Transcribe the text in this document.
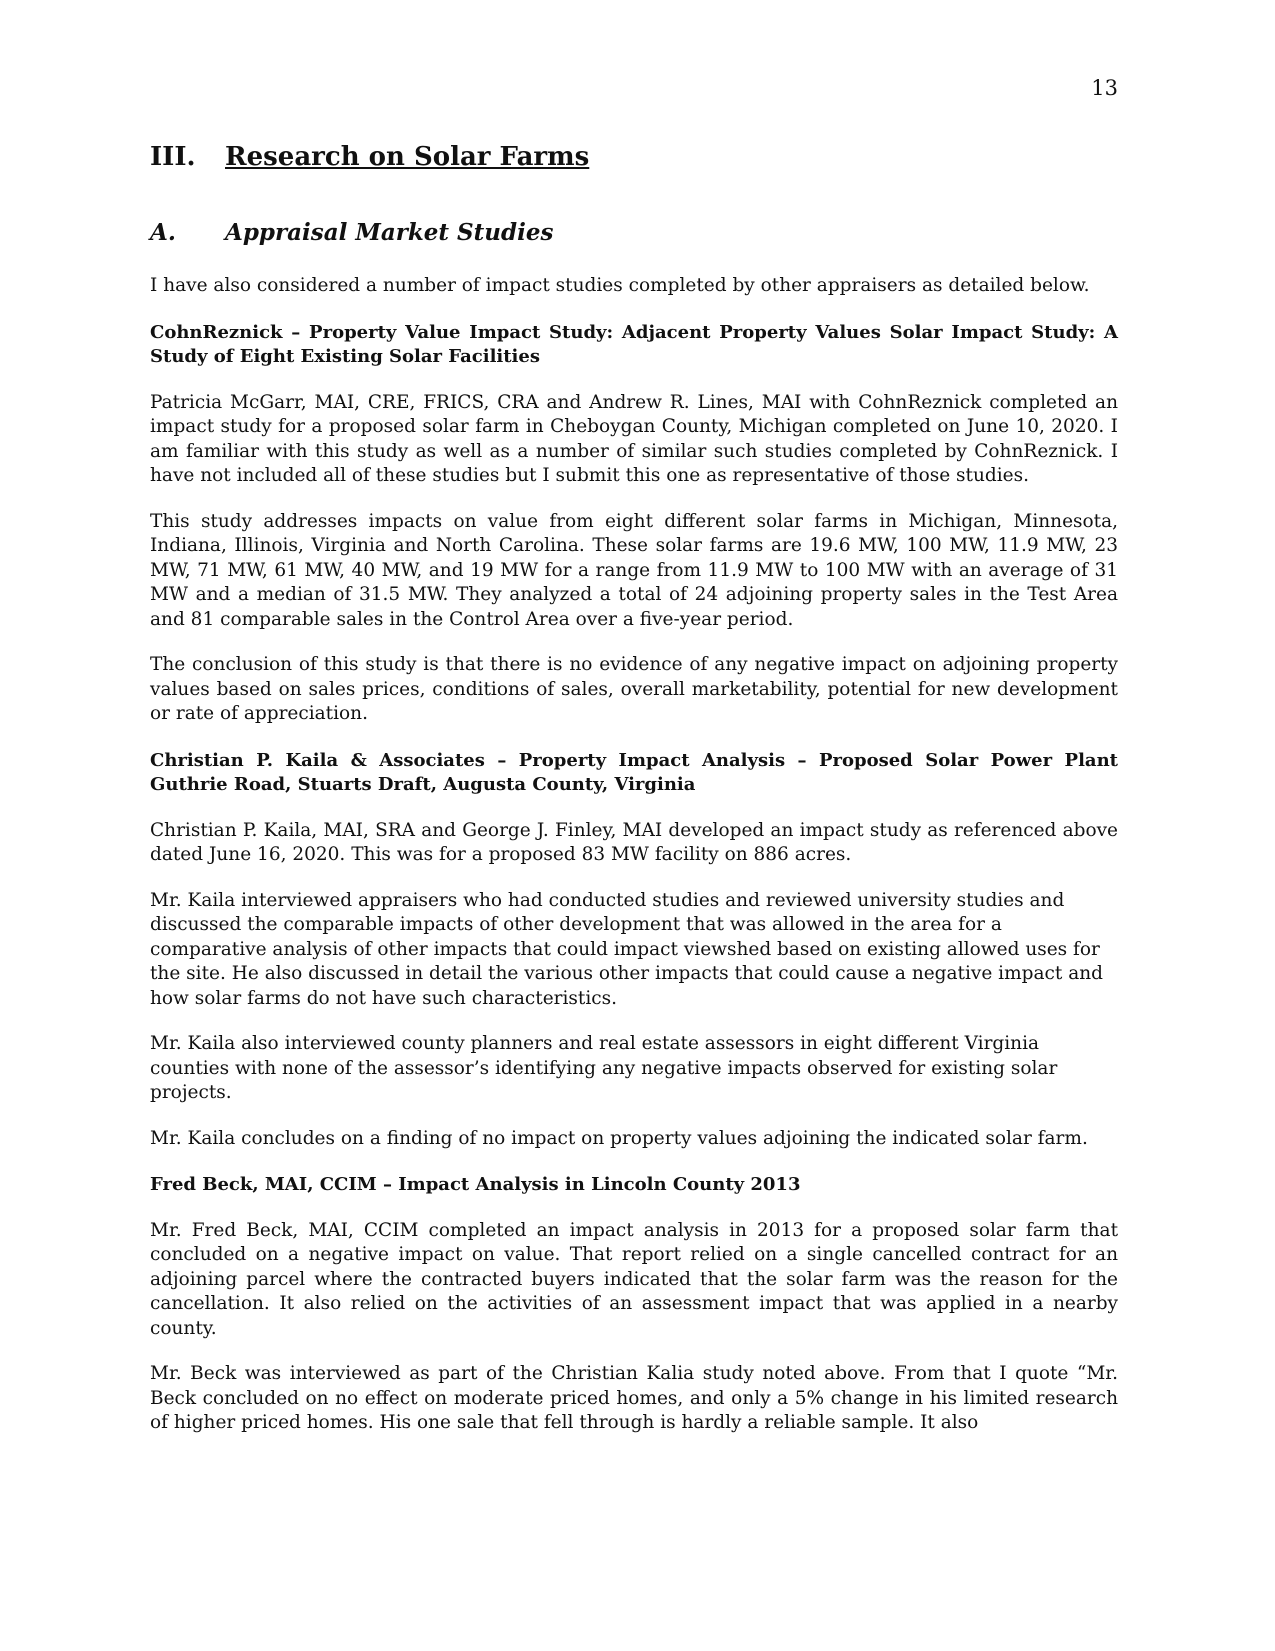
13
III.	Research on Solar Farms
A.	Appraisal Market Studies

I have also considered a number of impact studies completed by other appraisers as detailed below.

CohnReznick – Property Value Impact Study: Adjacent Property Values Solar Impact Study: A Study of Eight Existing Solar Facilities

Patricia McGarr, MAI, CRE, FRICS, CRA and Andrew R. Lines, MAI with CohnReznick completed an impact study for a proposed solar farm in Cheboygan County, Michigan completed on June 10, 2020. I am familiar with this study as well as a number of similar such studies completed by CohnReznick. I have not included all of these studies but I submit this one as representative of those studies.

This study addresses impacts on value from eight different solar farms in Michigan, Minnesota, Indiana, Illinois, Virginia and North Carolina. These solar farms are 19.6 MW, 100 MW, 11.9 MW, 23 MW, 71 MW, 61 MW, 40 MW, and 19 MW for a range from 11.9 MW to 100 MW with an average of 31 MW and a median of 31.5 MW. They analyzed a total of 24 adjoining property sales in the Test Area and 81 comparable sales in the Control Area over a five-year period.

The conclusion of this study is that there is no evidence of any negative impact on adjoining property values based on sales prices, conditions of sales, overall marketability, potential for new development or rate of appreciation.

Christian P. Kaila & Associates – Property Impact Analysis – Proposed Solar Power Plant Guthrie Road, Stuarts Draft, Augusta County, Virginia

Christian P. Kaila, MAI, SRA and George J. Finley, MAI developed an impact study as referenced above dated June 16, 2020. This was for a proposed 83 MW facility on 886 acres.

Mr. Kaila interviewed appraisers who had conducted studies and reviewed university studies and discussed the comparable impacts of other development that was allowed in the area for a comparative analysis of other impacts that could impact viewshed based on existing allowed uses for the site. He also discussed in detail the various other impacts that could cause a negative impact and how solar farms do not have such characteristics.

Mr. Kaila also interviewed county planners and real estate assessors in eight different Virginia counties with none of the assessor’s identifying any negative impacts observed for existing solar projects.

Mr. Kaila concludes on a finding of no impact on property values adjoining the indicated solar farm.

Fred Beck, MAI, CCIM – Impact Analysis in Lincoln County 2013

Mr. Fred Beck, MAI, CCIM completed an impact analysis in 2013 for a proposed solar farm that concluded on a negative impact on value. That report relied on a single cancelled contract for an adjoining parcel where the contracted buyers indicated that the solar farm was the reason for the cancellation. It also relied on the activities of an assessment impact that was applied in a nearby county.

Mr. Beck was interviewed as part of the Christian Kalia study noted above. From that I quote “Mr. Beck concluded on no effect on moderate priced homes, and only a 5% change in his limited research of higher priced homes. His one sale that fell through is hardly a reliable sample. It also
